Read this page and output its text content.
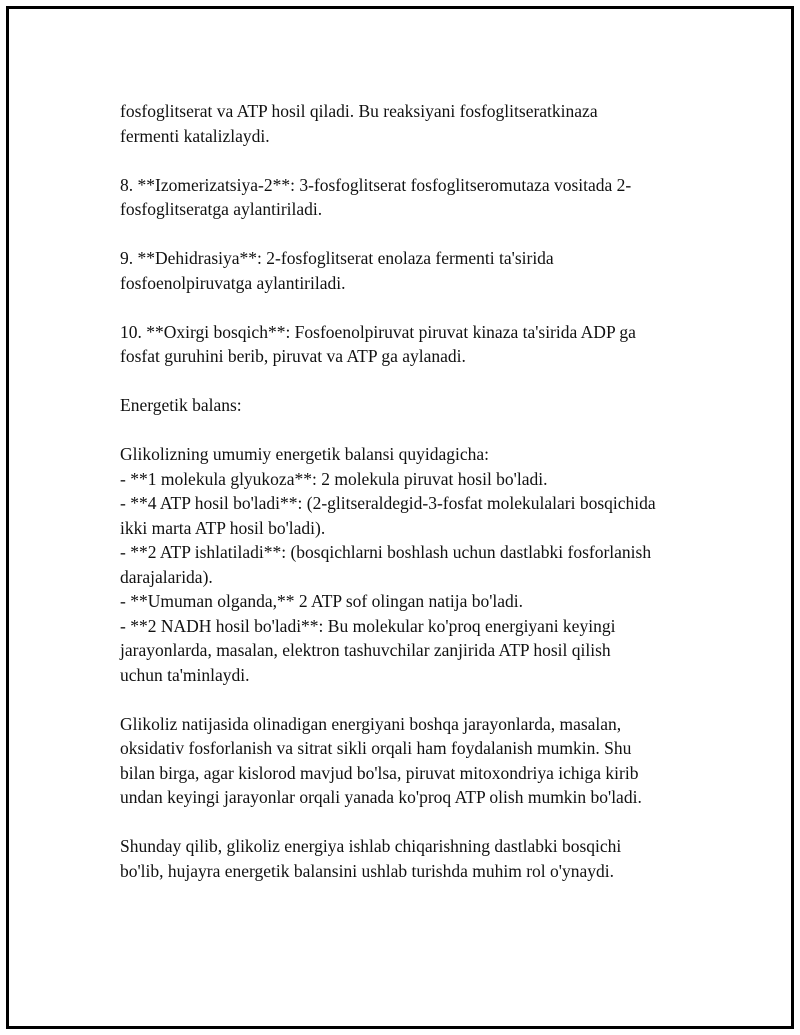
fosfoglitserat va ATP hosil qiladi. Bu reaksiyani fosfoglitseratkinaza
fermenti katalizlaydi.

8. **Izomerizatsiya-2**: 3-fosfoglitserat fosfoglitseromutaza vositada 2-
fosfoglitseratga aylantiriladi.

9. **Dehidrasiya**: 2-fosfoglitserat enolaza fermenti ta'sirida
fosfoenolpiruvatga aylantiriladi.

10. **Oxirgi bosqich**: Fosfoenolpiruvat piruvat kinaza ta'sirida ADP ga
fosfat guruhini berib, piruvat va ATP ga aylanadi.

Energetik balans:

Glikolizning umumiy energetik balansi quyidagicha:
- **1 molekula glyukoza**: 2 molekula piruvat hosil bo'ladi.
- **4 ATP hosil bo'ladi**: (2-glitseraldegid-3-fosfat molekulalari bosqichida
ikki marta ATP hosil bo'ladi).
- **2 ATP ishlatiladi**: (bosqichlarni boshlash uchun dastlabki fosforlanish
darajalarida).
- **Umuman olganda,** 2 ATP sof olingan natija bo'ladi.
- **2 NADH hosil bo'ladi**: Bu molekular ko'proq energiyani keyingi
jarayonlarda, masalan, elektron tashuvchilar zanjirida ATP hosil qilish
uchun ta'minlaydi.

Glikoliz natijasida olinadigan energiyani boshqa jarayonlarda, masalan,
oksidativ fosforlanish va sitrat sikli orqali ham foydalanish mumkin. Shu
bilan birga, agar kislorod mavjud bo'lsa, piruvat mitoxondriya ichiga kirib
undan keyingi jarayonlar orqali yanada ko'proq ATP olish mumkin bo'ladi.

Shunday qilib, glikoliz energiya ishlab chiqarishning dastlabki bosqichi
bo'lib, hujayra energetik balansini ushlab turishda muhim rol o'ynaydi.
